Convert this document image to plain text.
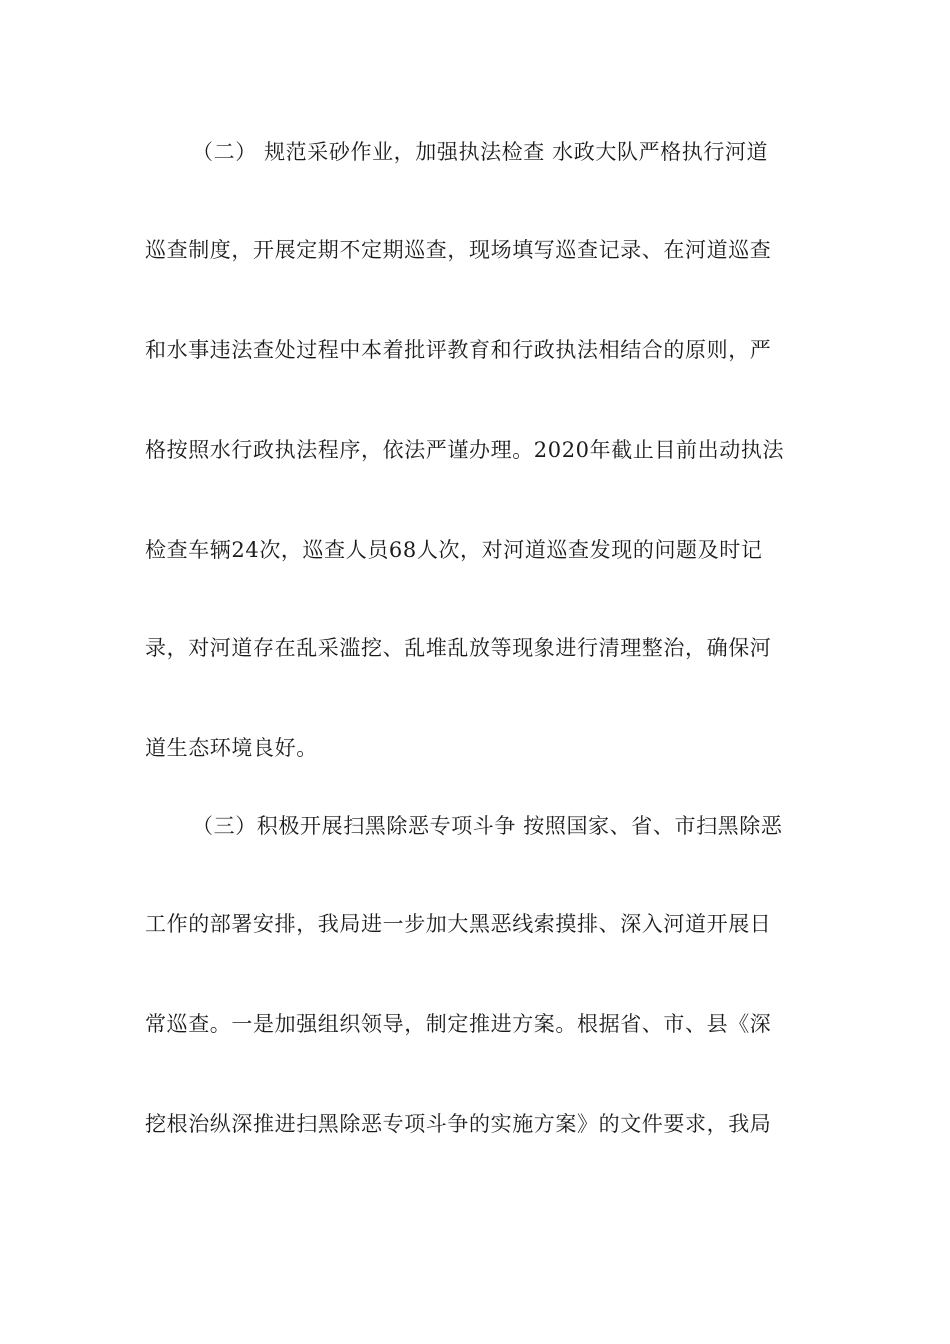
（二） 规范采砂作业，加强执法检查 水政大队严格执行河道
巡查制度，开展定期不定期巡查，现场填写巡查记录、在河道巡查
和水事违法查处过程中本着批评教育和行政执法相结合的原则，严
格按照水行政执法程序，依法严谨办理。2020年截止目前出动执法
检查车辆24次，巡查人员68人次，对河道巡查发现的问题及时记
录，对河道存在乱采滥挖、乱堆乱放等现象进行清理整治，确保河
道生态环境良好。
（三）积极开展扫黑除恶专项斗争 按照国家、省、市扫黑除恶
工作的部署安排，我局进一步加大黑恶线索摸排、深入河道开展日
常巡查。一是加强组织领导，制定推进方案。根据省、市、县《深
挖根治纵深推进扫黑除恶专项斗争的实施方案》的文件要求，我局
